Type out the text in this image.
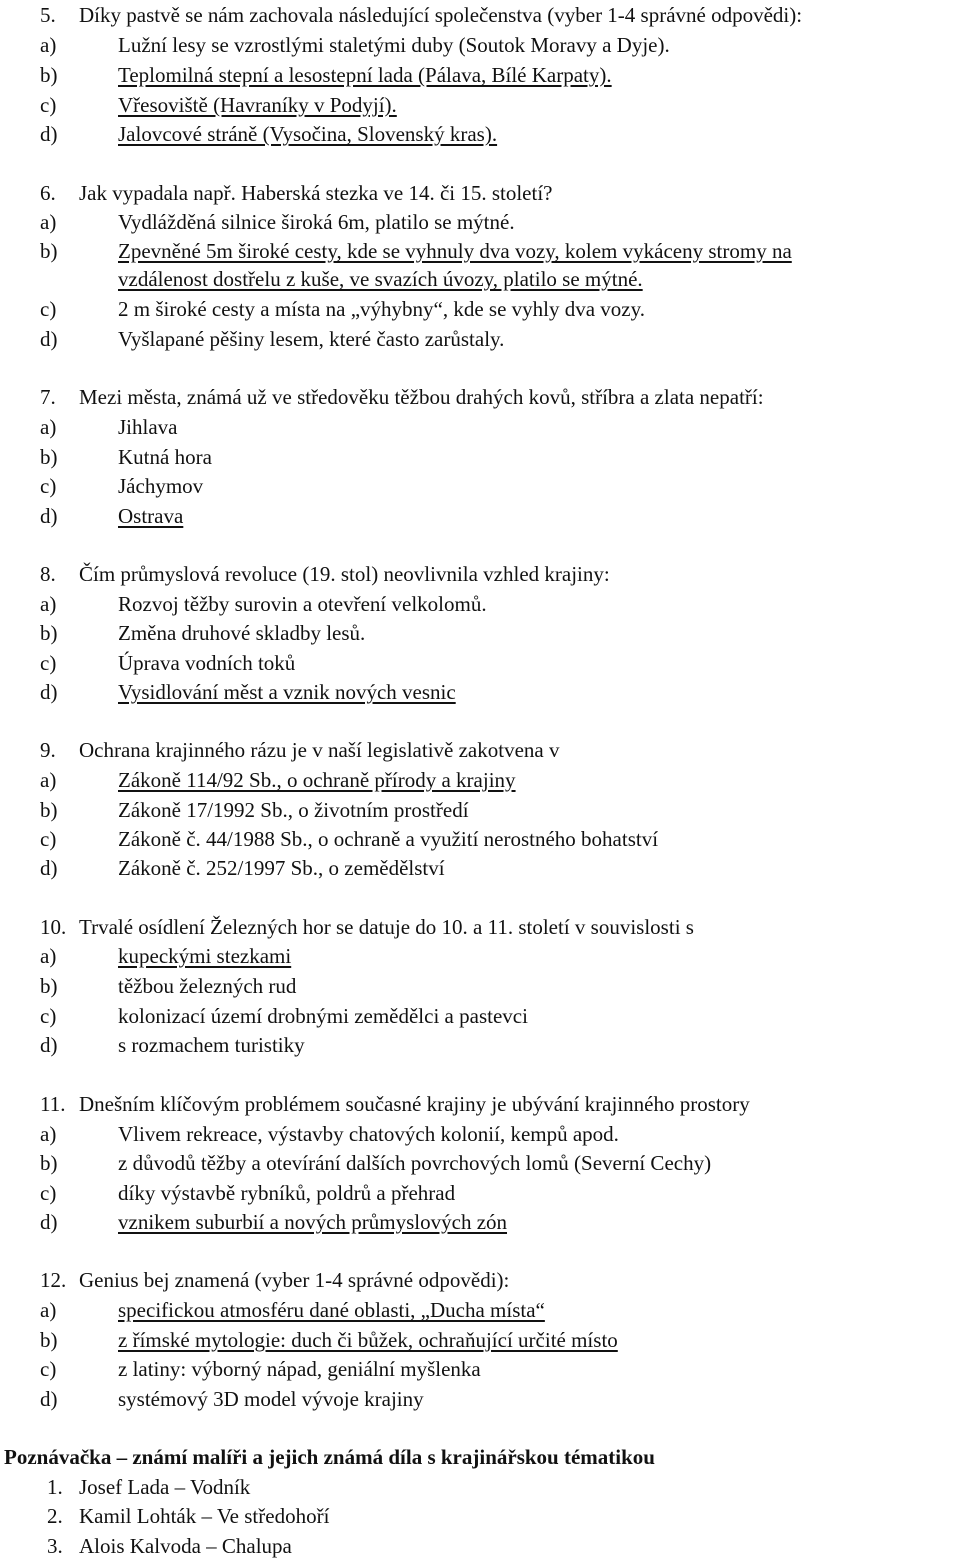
5. Díky pastvě se nám zachovala následující společenstva (vyber 1-4 správné odpovědi):
a)	Lužní lesy se vzrostlými staletými duby (Soutok Moravy a Dyje).
b)	Teplomilná stepní a lesostepní lada (Pálava, Bílé Karpaty).
c)	Vřesoviště (Havraníky v Podyjí).
d)	Jalovcové stráně (Vysočina, Slovenský kras).
6. Jak vypadala např. Haberská stezka ve 14. či 15. století?
a)	Vydlážděná silnice široká 6m, platilo se mýtné.
b)	Zpevněné 5m široké cesty, kde se vyhnuly dva vozy, kolem vykáceny stromy na
vzdálenost dostřelu z kuše, ve svazích úvozy, platilo se mýtné.
c)	2 m široké cesty a místa na „výhybny“, kde se vyhly dva vozy.
d)	Vyšlapané pěšiny lesem, které často zarůstaly.
7. Mezi města, známá už ve středověku těžbou drahých kovů, stříbra a zlata nepatří:
a)	Jihlava
b)	Kutná hora
c)	Jáchymov
d)	Ostrava
8. Čím průmyslová revoluce (19. stol) neovlivnila vzhled krajiny:
a)	Rozvoj těžby surovin a otevření velkolomů.
b)	Změna druhové skladby lesů.
c)	Úprava vodních toků
d)	Vysidlování měst a vznik nových vesnic
9. Ochrana krajinného rázu je v naší legislativě zakotvena v
a)	Zákoně 114/92 Sb., o ochraně přírody a krajiny
b)	Zákoně 17/1992 Sb., o životním prostředí
c)	Zákoně č. 44/1988 Sb., o ochraně a využití nerostného bohatství
d)	Zákoně č. 252/1997 Sb., o zemědělství
10. Trvalé osídlení Železných hor se datuje do 10. a 11. století v souvislosti s
a)	kupeckými stezkami
b)	těžbou železných rud
c)	kolonizací území drobnými zemědělci a pastevci
d)	s rozmachem turistiky
11. Dnešním klíčovým problémem současné krajiny je ubývání krajinného prostory
a)	Vlivem rekreace, výstavby chatových kolonií, kempů apod.
b)	z důvodů těžby a otevírání dalších povrchových lomů (Severní Cechy)
c)	díky výstavbě rybníků, poldrů a přehrad
d)	vznikem suburbií a nových průmyslových zón
12. Genius bej znamená (vyber 1-4 správné odpovědi):
a)	specifickou atmosféru dané oblasti, „Ducha místa“
b)	z římské mytologie: duch či bůžek, ochraňující určité místo
c)	z latiny: výborný nápad, geniální myšlenka
d)	systémový 3D model vývoje krajiny
Poznávačka – známí malíři a jejich známá díla s krajinářskou tématikou
1. Josef Lada – Vodník
2. Kamil Lohták – Ve středohoří
3. Alois Kalvoda – Chalupa
